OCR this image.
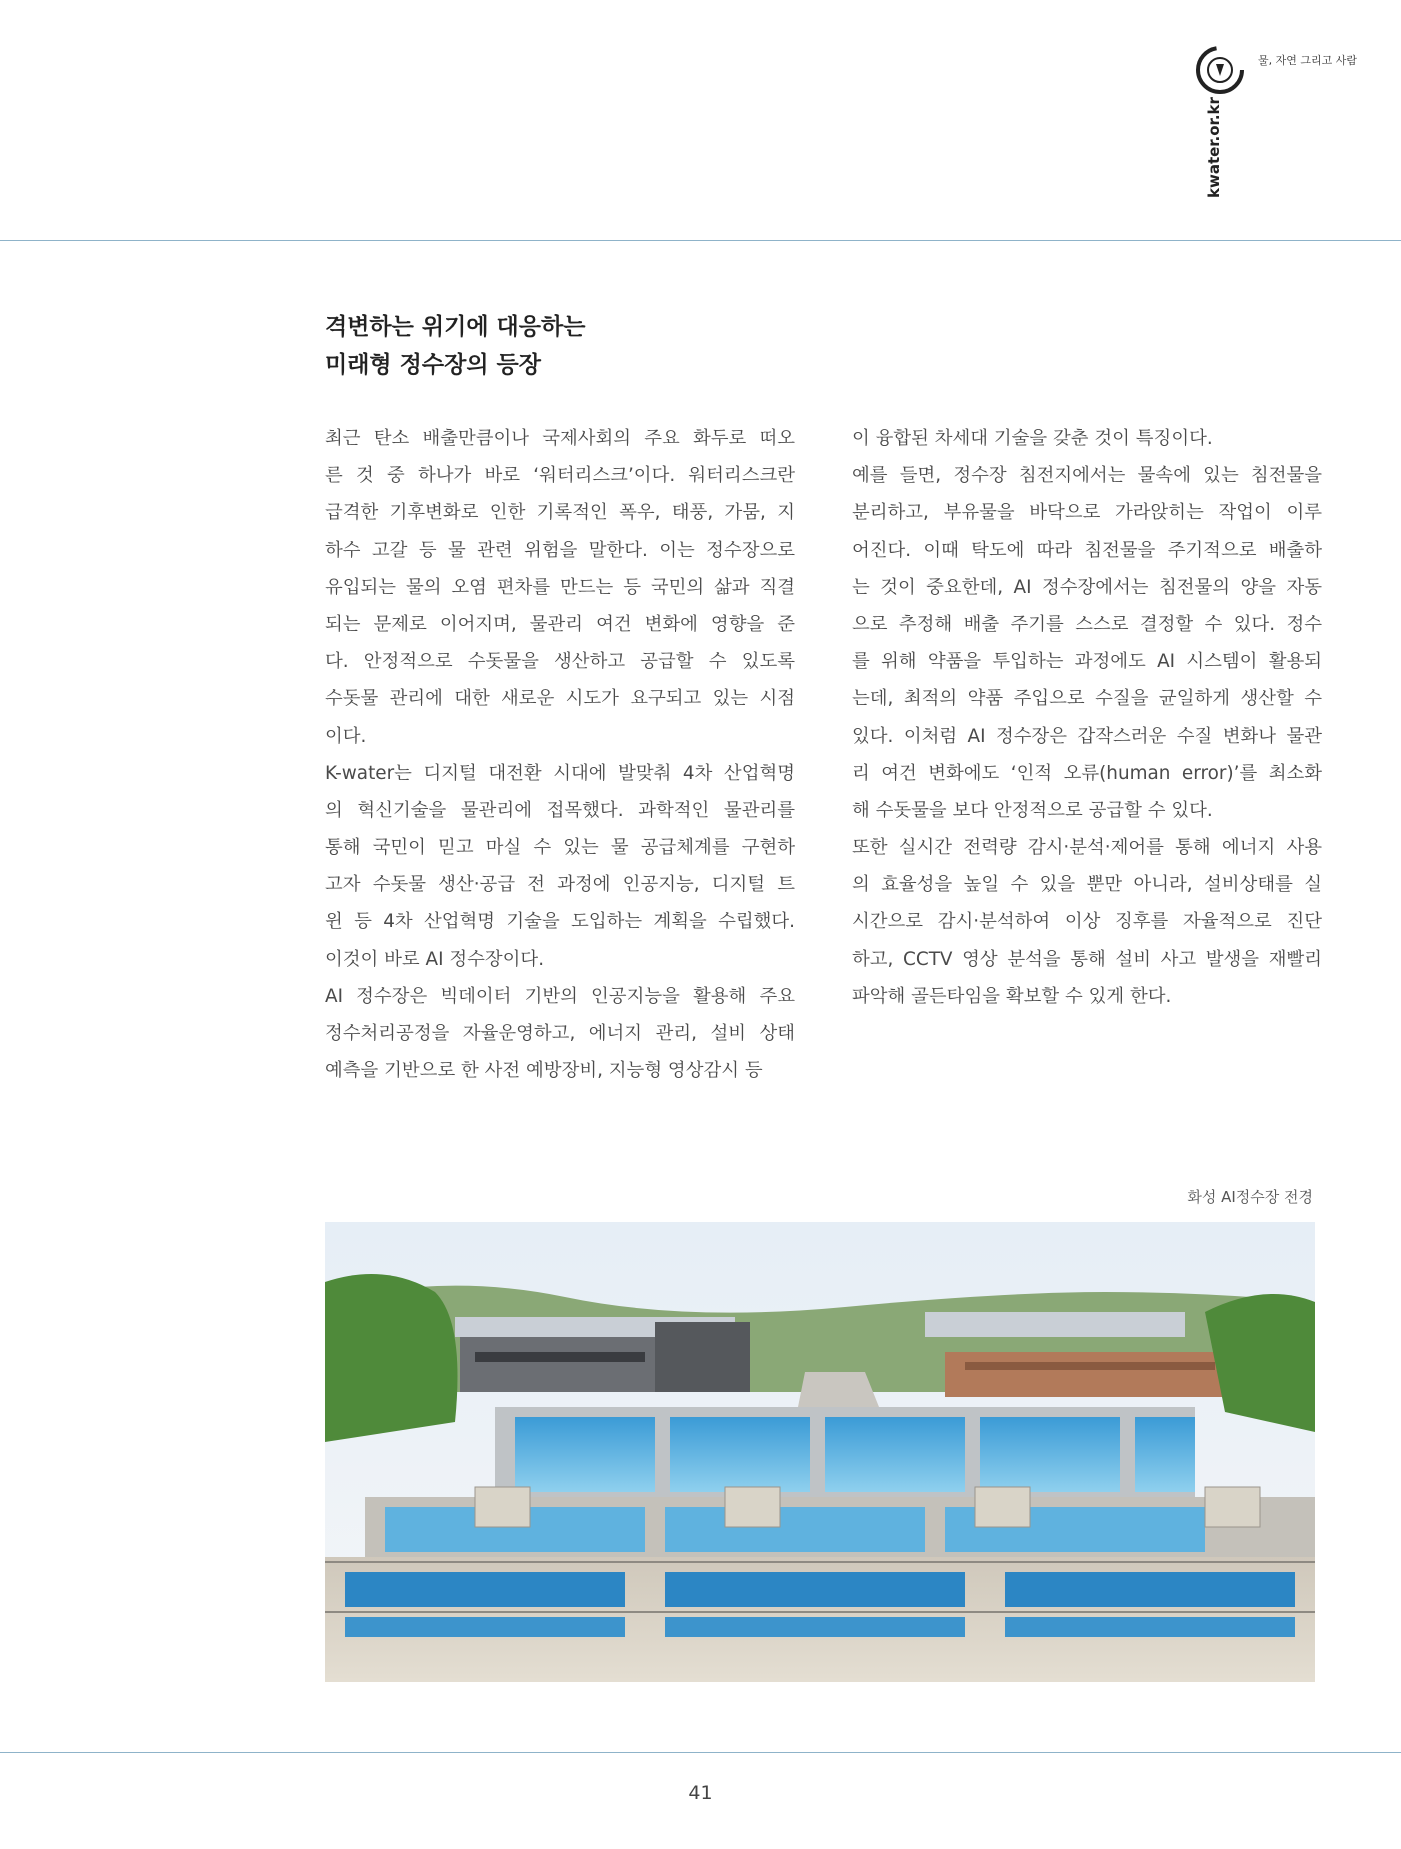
물, 자연 그리고 사람
kwater.or.kr
격변하는 위기에 대응하는
미래형 정수장의 등장
최근 탄소 배출만큼이나 국제사회의 주요 화두로 떠오
른 것 중 하나가 바로 ‘워터리스크’이다. 워터리스크란
급격한 기후변화로 인한 기록적인 폭우, 태풍, 가뭄, 지
하수 고갈 등 물 관련 위험을 말한다. 이는 정수장으로
유입되는 물의 오염 편차를 만드는 등 국민의 삶과 직결
되는 문제로 이어지며, 물관리 여건 변화에 영향을 준
다. 안정적으로 수돗물을 생산하고 공급할 수 있도록
수돗물 관리에 대한 새로운 시도가 요구되고 있는 시점
이다.
K-water는 디지털 대전환 시대에 발맞춰 4차 산업혁명
의 혁신기술을 물관리에 접목했다. 과학적인 물관리를
통해 국민이 믿고 마실 수 있는 물 공급체계를 구현하
고자 수돗물 생산·공급 전 과정에 인공지능, 디지털 트
윈 등 4차 산업혁명 기술을 도입하는 계획을 수립했다.
이것이 바로 AI 정수장이다.
AI 정수장은 빅데이터 기반의 인공지능을 활용해 주요
정수처리공정을 자율운영하고, 에너지 관리, 설비 상태
예측을 기반으로 한 사전 예방장비, 지능형 영상감시 등
이 융합된 차세대 기술을 갖춘 것이 특징이다.
예를 들면, 정수장 침전지에서는 물속에 있는 침전물을
분리하고, 부유물을 바닥으로 가라앉히는 작업이 이루
어진다. 이때 탁도에 따라 침전물을 주기적으로 배출하
는 것이 중요한데, AI 정수장에서는 침전물의 양을 자동
으로 추정해 배출 주기를 스스로 결정할 수 있다. 정수
를 위해 약품을 투입하는 과정에도 AI 시스템이 활용되
는데, 최적의 약품 주입으로 수질을 균일하게 생산할 수
있다. 이처럼 AI 정수장은 갑작스러운 수질 변화나 물관
리 여건 변화에도 ‘인적 오류(human error)’를 최소화
해 수돗물을 보다 안정적으로 공급할 수 있다.
또한 실시간 전력량 감시·분석·제어를 통해 에너지 사용
의 효율성을 높일 수 있을 뿐만 아니라, 설비상태를 실
시간으로 감시·분석하여 이상 징후를 자율적으로 진단
하고, CCTV 영상 분석을 통해 설비 사고 발생을 재빨리
파악해 골든타임을 확보할 수 있게 한다.
화성 AI정수장 전경
41
